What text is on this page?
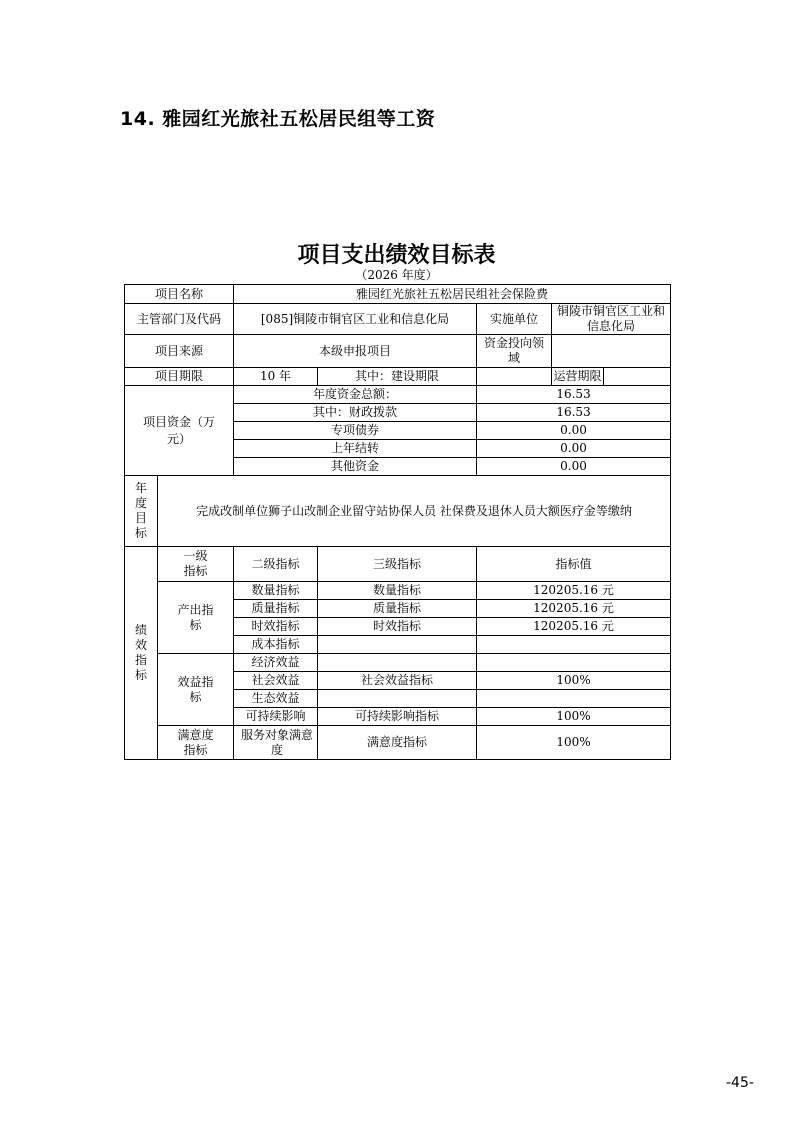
14. 雅园红光旅社五松居民组等工资
项目支出绩效目标表
（2026 年度）
项目名称		雅园红光旅社五松居民组社会保险费			
主管部门及代码		[085]铜陵市铜官区工业和信息化局		实施单位	铜陵市铜官区工业和信息化局
项目来源		本级申报项目		资金投向领域	
项目期限		10 年	其中：建设期限		运营期限

项目资金（万元）		年度资金总额：		16.53	
		其中：财政拨款		16.53	
		专项债券		0.00	
		上年结转		0.00	
		其他资金		0.00	

年度目标	完成改制单位狮子山改制企业留守站协保人员 社保费及退休人员大额医疗金等缴纳				

绩效指标	一级指标	二级指标	三级指标	指标值	

	产出指标	数量指标	数量指标	120205.16 元	
		质量指标	质量指标	120205.16 元	
		时效指标	时效指标	120205.16 元	
		成本指标			

	效益指标	经济效益			
		社会效益	社会效益指标	100%	
		生态效益			
		可持续影响	可持续影响指标	100%	

	满意度指标	服务对象满意度	满意度指标	100%	
-45-
